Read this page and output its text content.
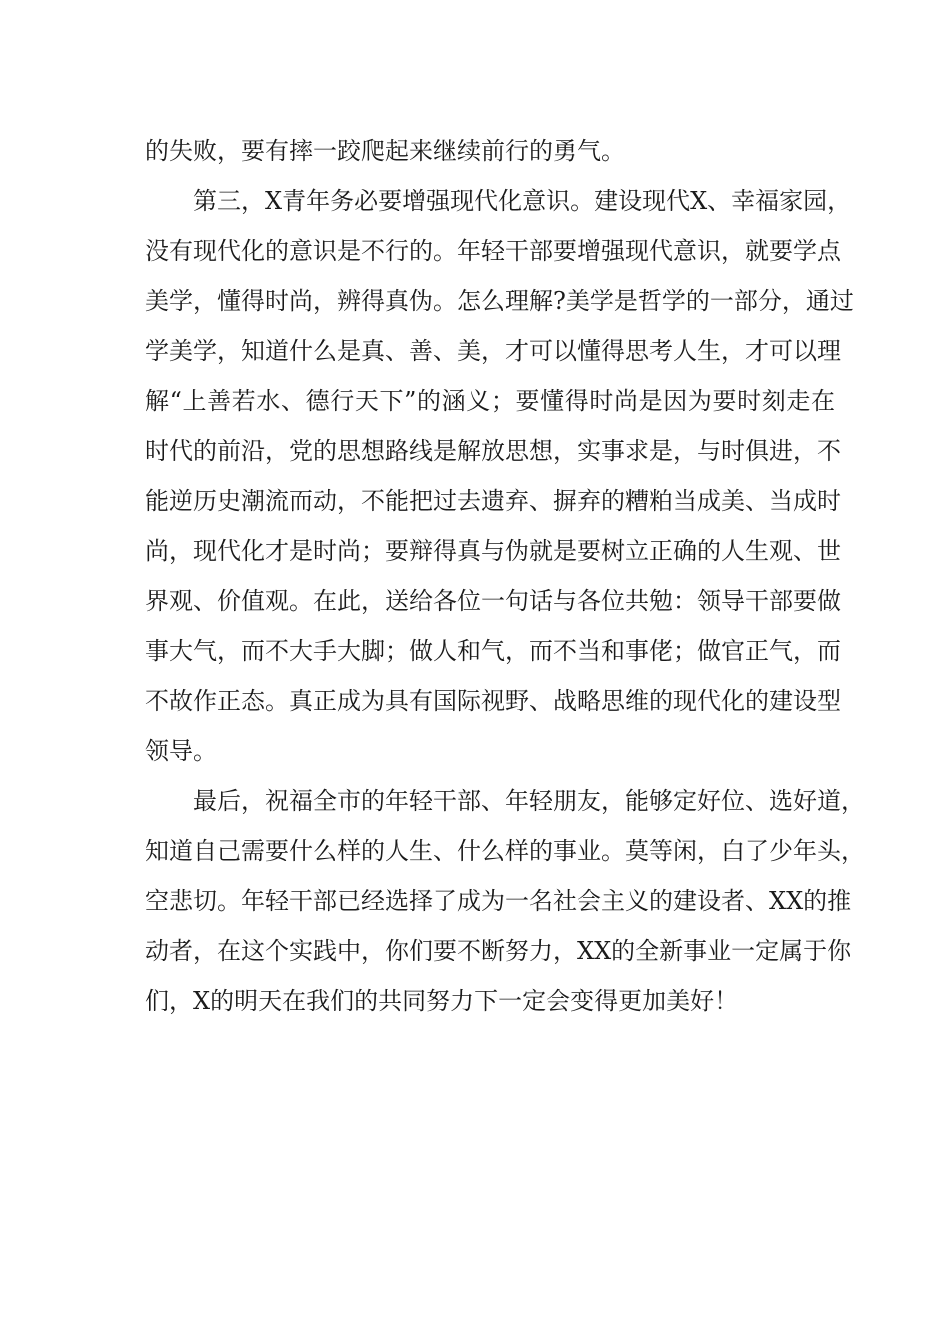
的失败，要有摔一跤爬起来继续前行的勇气。
第三，X青年务必要增强现代化意识。建设现代X、幸福家园，
没有现代化的意识是不行的。年轻干部要增强现代意识，就要学点
美学，懂得时尚，辨得真伪。怎么理解?美学是哲学的一部分，通过
学美学，知道什么是真、善、美，才可以懂得思考人生，才可以理
解“上善若水、德行天下”的涵义；要懂得时尚是因为要时刻走在
时代的前沿，党的思想路线是解放思想，实事求是，与时俱进，不
能逆历史潮流而动，不能把过去遗弃、摒弃的糟粕当成美、当成时
尚，现代化才是时尚；要辩得真与伪就是要树立正确的人生观、世
界观、价值观。在此，送给各位一句话与各位共勉：领导干部要做
事大气，而不大手大脚；做人和气，而不当和事佬；做官正气，而
不故作正态。真正成为具有国际视野、战略思维的现代化的建设型
领导。
最后，祝福全市的年轻干部、年轻朋友，能够定好位、选好道，
知道自己需要什么样的人生、什么样的事业。莫等闲，白了少年头，
空悲切。年轻干部已经选择了成为一名社会主义的建设者、XX的推
动者，在这个实践中，你们要不断努力，XX的全新事业一定属于你
们，X的明天在我们的共同努力下一定会变得更加美好！
